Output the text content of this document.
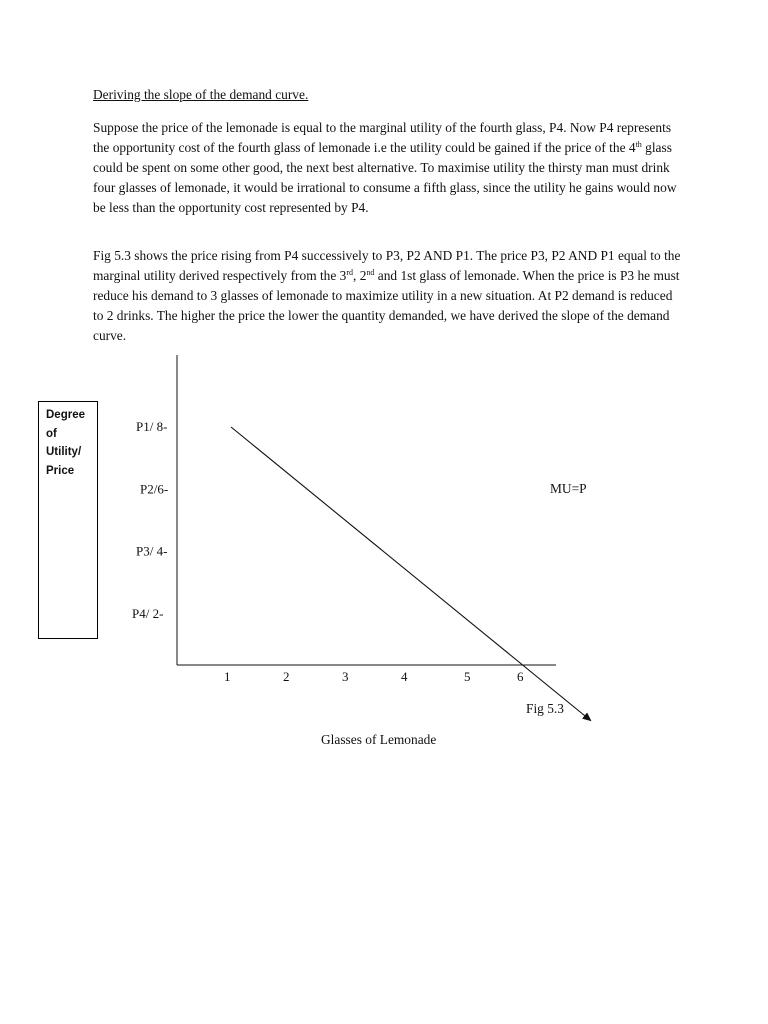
Deriving the slope of the demand curve.

Suppose the price of the lemonade is equal to the marginal utility of the fourth glass, P4. Now P4 represents the opportunity cost of the fourth glass of lemonade i.e the utility could be gained if the price of the 4th glass could be spent on some other good, the next best alternative. To maximise utility the thirsty man must drink four glasses of lemonade, it would be irrational to consume a fifth glass, since the utility he gains would now be less than the opportunity cost represented by P4.

Fig 5.3 shows the price rising from P4 successively to P3, P2 AND P1. The price P3, P2 AND P1 equal to the marginal utility derived respectively from the 3rd, 2nd and 1st glass of lemonade. When the price is P3 he must reduce his demand to 3 glasses of lemonade to maximize utility in a new situation. At P2 demand is reduced to 2 drinks. The higher the price the lower the quantity demanded, we have derived the slope of the demand curve.

Degree
of
Utility/
Price
P1/ 8-
P2/6-
P3/ 4-
P4/ 2-
1	2	3	4	5	6
MU=P
Fig 5.3
Glasses of Lemonade
